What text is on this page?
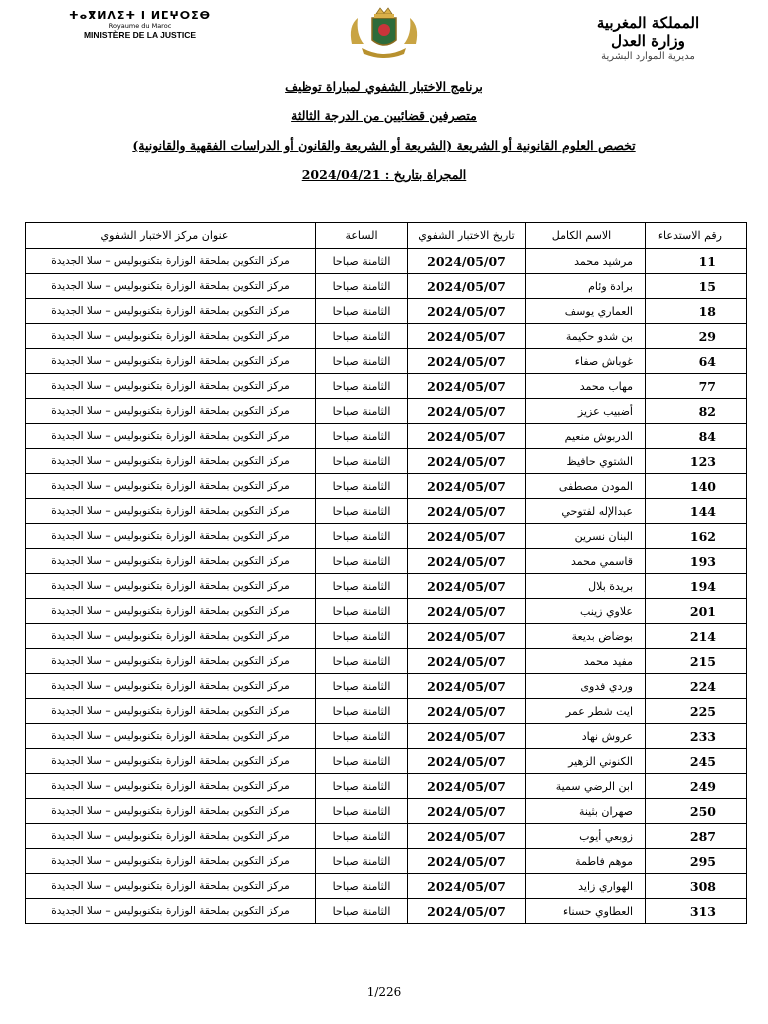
ⵜⴰⴳⵍⴷⵉⵜ ⵏ ⵍⵎⵖⵔⵉⴱ
Royaume du Maroc
MINISTÈRE DE LA JUSTICE
المملكة المغربية
وزارة العدل
مديرية الموارد البشرية

برنامج الاختبار الشفوي لمباراة توظيف

متصرفين قضائيين من الدرجة الثالثة

تخصص العلوم القانونية أو الشريعة (الشريعة أو الشريعة والقانون أو الدراسات الفقهية والقانونية)

المجراة بتاريخ : 2024/04/21

رقم الاستدعاء	الاسم الكامل	تاريخ الاختبار الشفوي	الساعة	عنوان مركز الاختبار الشفوي
11	مرشيد محمد	2024/05/07	الثامنة صباحا	مركز التكوين بملحقة الوزارة بتكنوبوليس – سلا الجديدة
15	برادة وئام	2024/05/07	الثامنة صباحا	مركز التكوين بملحقة الوزارة بتكنوبوليس – سلا الجديدة
18	العماري يوسف	2024/05/07	الثامنة صباحا	مركز التكوين بملحقة الوزارة بتكنوبوليس – سلا الجديدة
29	بن شدو حكيمة	2024/05/07	الثامنة صباحا	مركز التكوين بملحقة الوزارة بتكنوبوليس – سلا الجديدة
64	غوباش صفاء	2024/05/07	الثامنة صباحا	مركز التكوين بملحقة الوزارة بتكنوبوليس – سلا الجديدة
77	مهاب محمد	2024/05/07	الثامنة صباحا	مركز التكوين بملحقة الوزارة بتكنوبوليس – سلا الجديدة
82	أضبيب عزيز	2024/05/07	الثامنة صباحا	مركز التكوين بملحقة الوزارة بتكنوبوليس – سلا الجديدة
84	الدربوش منعيم	2024/05/07	الثامنة صباحا	مركز التكوين بملحقة الوزارة بتكنوبوليس – سلا الجديدة
123	الشتوي حافيظ	2024/05/07	الثامنة صباحا	مركز التكوين بملحقة الوزارة بتكنوبوليس – سلا الجديدة
140	المودن مصطفى	2024/05/07	الثامنة صباحا	مركز التكوين بملحقة الوزارة بتكنوبوليس – سلا الجديدة
144	عبدالإله لفتوحي	2024/05/07	الثامنة صباحا	مركز التكوين بملحقة الوزارة بتكنوبوليس – سلا الجديدة
162	البنان نسرين	2024/05/07	الثامنة صباحا	مركز التكوين بملحقة الوزارة بتكنوبوليس – سلا الجديدة
193	قاسمي محمد	2024/05/07	الثامنة صباحا	مركز التكوين بملحقة الوزارة بتكنوبوليس – سلا الجديدة
194	بريدة بلال	2024/05/07	الثامنة صباحا	مركز التكوين بملحقة الوزارة بتكنوبوليس – سلا الجديدة
201	علاوي زينب	2024/05/07	الثامنة صباحا	مركز التكوين بملحقة الوزارة بتكنوبوليس – سلا الجديدة
214	بوضاض بديعة	2024/05/07	الثامنة صباحا	مركز التكوين بملحقة الوزارة بتكنوبوليس – سلا الجديدة
215	مفيد محمد	2024/05/07	الثامنة صباحا	مركز التكوين بملحقة الوزارة بتكنوبوليس – سلا الجديدة
224	وردي فدوى	2024/05/07	الثامنة صباحا	مركز التكوين بملحقة الوزارة بتكنوبوليس – سلا الجديدة
225	ايت شطر عمر	2024/05/07	الثامنة صباحا	مركز التكوين بملحقة الوزارة بتكنوبوليس – سلا الجديدة
233	عروش نهاد	2024/05/07	الثامنة صباحا	مركز التكوين بملحقة الوزارة بتكنوبوليس – سلا الجديدة
245	الكنوني الزهير	2024/05/07	الثامنة صباحا	مركز التكوين بملحقة الوزارة بتكنوبوليس – سلا الجديدة
249	ابن الرضي سمية	2024/05/07	الثامنة صباحا	مركز التكوين بملحقة الوزارة بتكنوبوليس – سلا الجديدة
250	صهران بثينة	2024/05/07	الثامنة صباحا	مركز التكوين بملحقة الوزارة بتكنوبوليس – سلا الجديدة
287	زوبعي أيوب	2024/05/07	الثامنة صباحا	مركز التكوين بملحقة الوزارة بتكنوبوليس – سلا الجديدة
295	موهم فاطمة	2024/05/07	الثامنة صباحا	مركز التكوين بملحقة الوزارة بتكنوبوليس – سلا الجديدة
308	الهواري زايد	2024/05/07	الثامنة صباحا	مركز التكوين بملحقة الوزارة بتكنوبوليس – سلا الجديدة
313	العطاوي حسناء	2024/05/07	الثامنة صباحا	مركز التكوين بملحقة الوزارة بتكنوبوليس – سلا الجديدة
1/226
